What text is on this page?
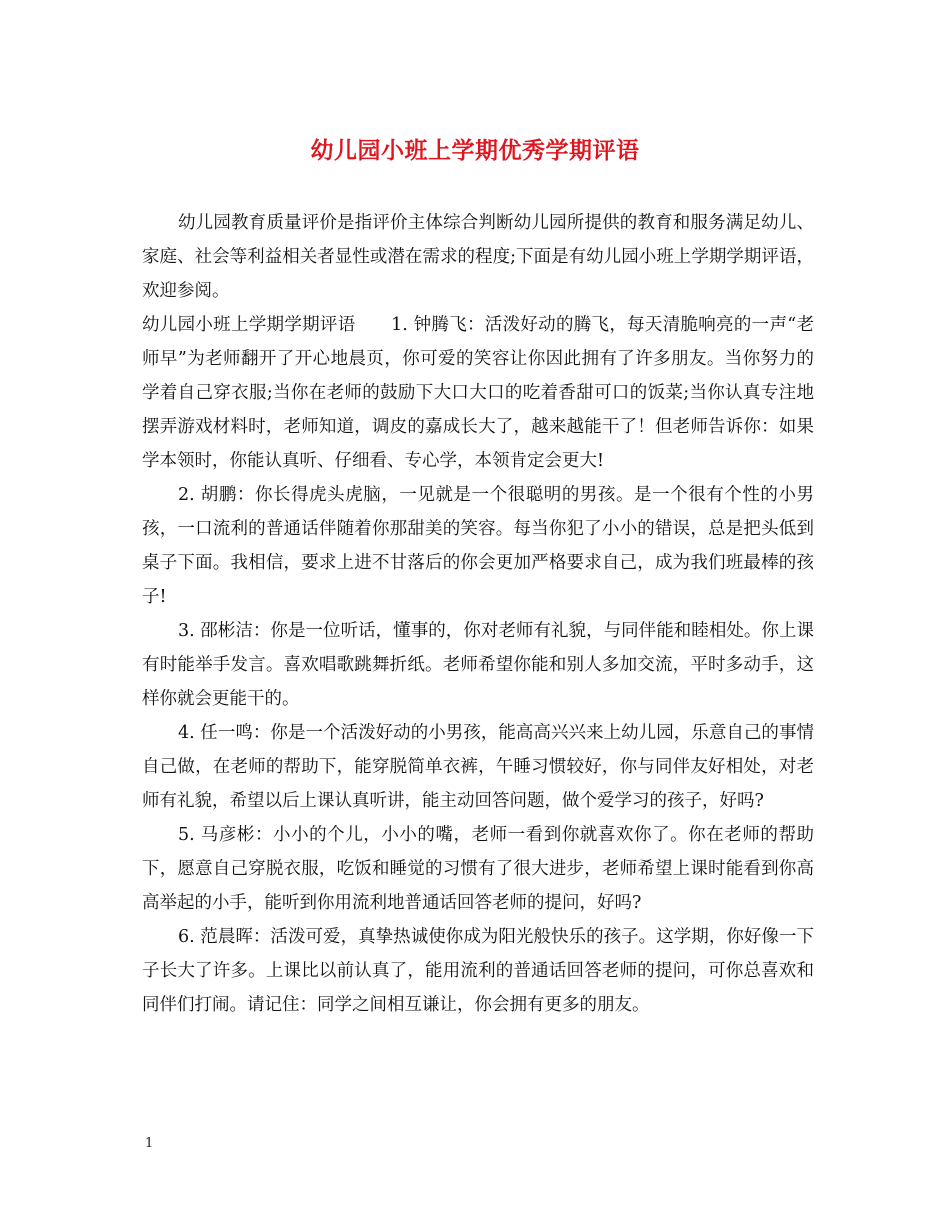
幼儿园小班上学期优秀学期评语

幼儿园教育质量评价是指评价主体综合判断幼儿园所提供的教育和服务满足幼儿、家庭、社会等利益相关者显性或潜在需求的程度;下面是有幼儿园小班上学期学期评语，欢迎参阅。

幼儿园小班上学期学期评语　　1. 钟腾飞：活泼好动的腾飞，每天清脆响亮的一声“老师早”为老师翻开了开心地晨页，你可爱的笑容让你因此拥有了许多朋友。当你努力的学着自己穿衣服;当你在老师的鼓励下大口大口的吃着香甜可口的饭菜;当你认真专注地摆弄游戏材料时，老师知道，调皮的嘉成长大了，越来越能干了！但老师告诉你：如果学本领时，你能认真听、仔细看、专心学，本领肯定会更大!

2. 胡鹏：你长得虎头虎脑，一见就是一个很聪明的男孩。是一个很有个性的小男孩，一口流利的普通话伴随着你那甜美的笑容。每当你犯了小小的错误，总是把头低到桌子下面。我相信，要求上进不甘落后的你会更加严格要求自己，成为我们班最棒的孩子!

3. 邵彬洁：你是一位听话，懂事的，你对老师有礼貌，与同伴能和睦相处。你上课有时能举手发言。喜欢唱歌跳舞折纸。老师希望你能和别人多加交流，平时多动手，这样你就会更能干的。

4. 任一鸣：你是一个活泼好动的小男孩，能高高兴兴来上幼儿园，乐意自己的事情自己做，在老师的帮助下，能穿脱简单衣裤，午睡习惯较好，你与同伴友好相处，对老师有礼貌，希望以后上课认真听讲，能主动回答问题，做个爱学习的孩子，好吗?

5. 马彦彬：小小的个儿，小小的嘴，老师一看到你就喜欢你了。你在老师的帮助下，愿意自己穿脱衣服，吃饭和睡觉的习惯有了很大进步，老师希望上课时能看到你高高举起的小手，能听到你用流利地普通话回答老师的提问，好吗?

6. 范晨晖：活泼可爱，真挚热诚使你成为阳光般快乐的孩子。这学期，你好像一下子长大了许多。上课比以前认真了，能用流利的普通话回答老师的提问，可你总喜欢和同伴们打闹。请记住：同学之间相互谦让，你会拥有更多的朋友。

1
